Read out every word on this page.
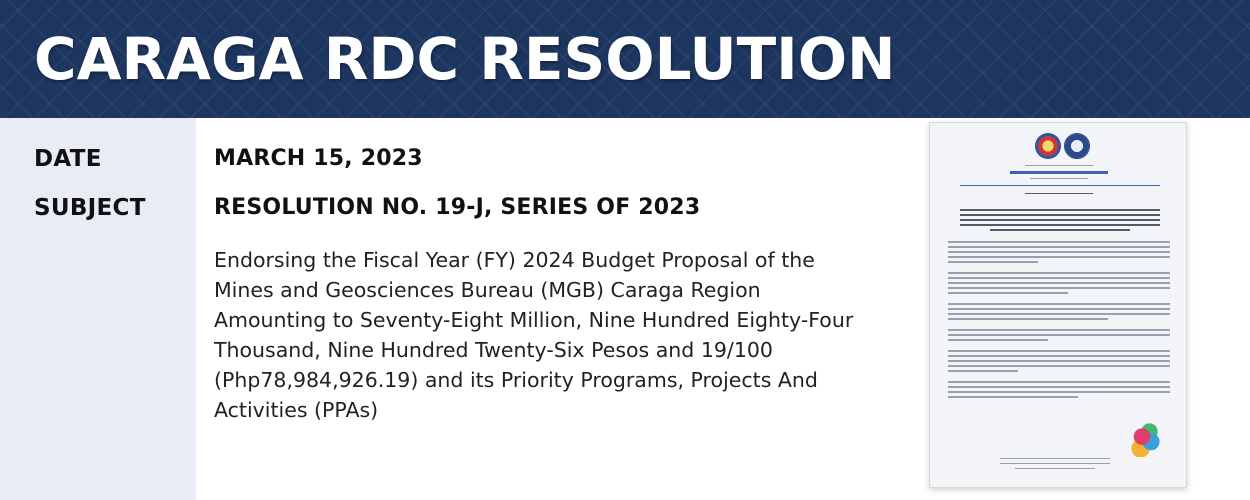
CARAGA RDC RESOLUTION
DATE	MARCH 15, 2023
SUBJECT	RESOLUTION NO. 19-J, SERIES OF 2023
Endorsing the Fiscal Year (FY) 2024 Budget Proposal of the Mines and Geosciences Bureau (MGB) Caraga Region Amounting to Seventy-Eight Million, Nine Hundred Eighty-Four Thousand, Nine Hundred Twenty-Six Pesos and 19/100 (Php78,984,926.19) and its Priority Programs, Projects And Activities (PPAs)
